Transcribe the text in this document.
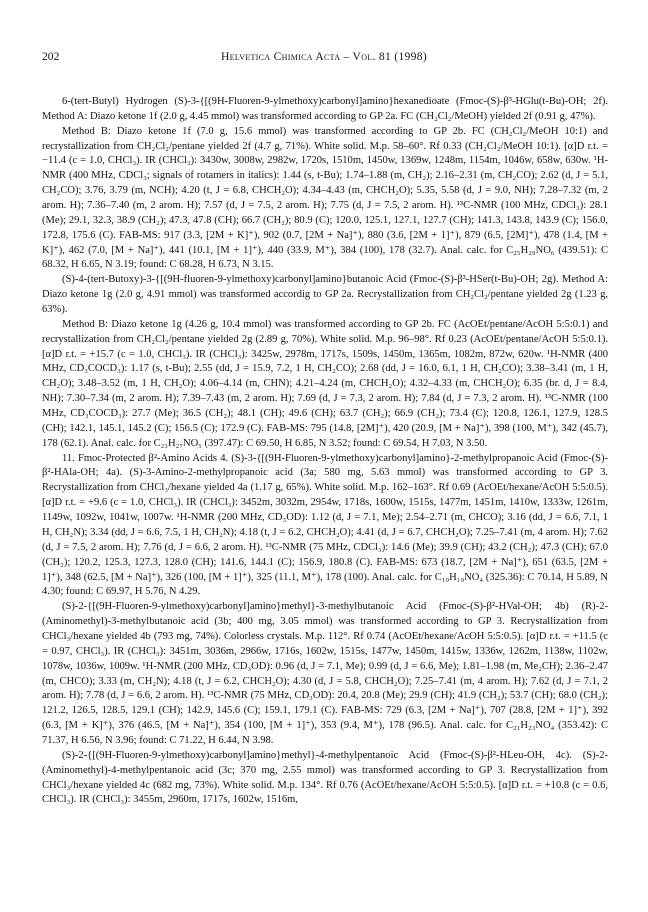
202	Helvetica Chimica Acta – Vol. 81 (1998)

6-(tert-Butyl) Hydrogen (S)-3-{[(9H-Fluoren-9-ylmethoxy)carbonyl]amino}hexanedioate (Fmoc-(S)-β³-HGlu(t-Bu)-OH; 2f). Method A: Diazo ketone 1f (2.0 g, 4.45 mmol) was transformed according to GP 2a. FC (CH₂Cl₂/MeOH) yielded 2f (0.91 g, 47%).

Method B: Diazo ketone 1f (7.0 g, 15.6 mmol) was transformed according to GP 2b. FC (CH₂Cl₂/MeOH 10:1) and recrystallization from CH₂Cl₂/pentane yielded 2f (4.7 g, 71%). White solid. M.p. 58–60°. Rf 0.33 (CH₂Cl₂/MeOH 10:1). [α]D r.t. = −11.4 (c = 1.0, CHCl₃). IR (CHCl₃): 3430w, 3008w, 2982w, 1720s, 1510m, 1450w, 1369w, 1248m, 1154m, 1046w, 658w, 630w. ¹H-NMR (400 MHz, CDCl₃; signals of rotamers in italics): 1.44 (s, t-Bu); 1.74–1.88 (m, CH₂); 2.16–2.31 (m, CH₂CO); 2.62 (d, J = 5.1, CH₂CO); 3.76, 3.79 (m, NCH); 4.20 (t, J = 6.8, CHCH₂O); 4.34–4.43 (m, CHCH₂O); 5.35, 5.58 (d, J = 9.0, NH); 7.28–7.32 (m, 2 arom. H); 7.36–7.40 (m, 2 arom. H); 7.57 (d, J = 7.5, 2 arom. H); 7.75 (d, J = 7.5, 2 arom. H). ¹³C-NMR (100 MHz, CDCl₃): 28.1 (Me); 29.1, 32.3, 38.9 (CH₂); 47.3, 47.8 (CH); 66.7 (CH₂); 80.9 (C); 120.0, 125.1, 127.1, 127.7 (CH); 141.3, 143.8, 143.9 (C); 156.0, 172.8, 175.6 (C). FAB-MS: 917 (3.3, [2M + K]⁺), 902 (0.7, [2M + Na]⁺), 880 (3.6, [2M + 1]⁺), 879 (6.5, [2M]⁺), 478 (1.4, [M + K]⁺), 462 (7.0, [M + Na]⁺), 441 (10.1, [M + 1]⁺), 440 (33.9, M⁺), 384 (100), 178 (32.7). Anal. calc. for C₂₅H₂₉NO₆ (439.51): C 68.32, H 6.65, N 3.19; found: C 68.28, H 6.73, N 3.15.

(S)-4-(tert-Butoxy)-3-{[(9H-fluoren-9-ylmethoxy)carbonyl]amino}butanoic Acid (Fmoc-(S)-β³-HSer(t-Bu)-OH; 2g). Method A: Diazo ketone 1g (2.0 g, 4.91 mmol) was transformed accordig to GP 2a. Recrystallization from CH₂Cl₂/pentane yielded 2g (1.23 g, 63%).

Method B: Diazo ketone 1g (4.26 g, 10.4 mmol) was transformed according to GP 2b. FC (AcOEt/pentane/AcOH 5:5:0.1) and recrystallization from CH₂Cl₂/pentane yielded 2g (2.89 g, 70%). White solid. M.p. 96–98°. Rf 0.23 (AcOEt/pentane/AcOH 5:5:0.1). [α]D r.t. = +15.7 (c = 1.0, CHCl₃). IR (CHCl₃): 3425w, 2978m, 1717s, 1509s, 1450m, 1365m, 1082m, 872w, 620w. ¹H-NMR (400 MHz, CD₃COCD₃): 1.17 (s, t-Bu); 2.55 (dd, J = 15.9, 7.2, 1 H, CH₂CO); 2.68 (dd, J = 16.0, 6.1, 1 H, CH₂CO); 3.38–3.41 (m, 1 H, CH₂O); 3.48–3.52 (m, 1 H, CH₂O); 4.06–4.14 (m, CHN); 4.21–4.24 (m, CHCH₂O); 4.32–4.33 (m, CHCH₂O); 6.35 (br. d, J = 8.4, NH); 7.30–7.34 (m, 2 arom. H); 7.39–7.43 (m, 2 arom. H); 7.69 (d, J = 7.3, 2 arom. H); 7.84 (d, J = 7.3, 2 arom. H). ¹³C-NMR (100 MHz, CD₃COCD₃): 27.7 (Me); 36.5 (CH₂); 48.1 (CH); 49.6 (CH); 63.7 (CH₂); 66.9 (CH₂); 73.4 (C); 120.8, 126.1, 127.9, 128.5 (CH); 142.1, 145.1, 145.2 (C); 156.5 (C); 172.9 (C). FAB-MS: 795 (14.8, [2M]⁺), 420 (20.9, [M + Na]⁺), 398 (100, M⁺), 342 (45.7), 178 (62.1). Anal. calc. for C₂₃H₂₇NO₅ (397.47): C 69.50, H 6.85, N 3.52; found: C 69.54, H 7.03, N 3.50.

11. Fmoc-Protected β²-Amino Acids 4. (S)-3-{[(9H-Fluoren-9-ylmethoxy)carbonyl]amino}-2-methylpropanoic Acid (Fmoc-(S)-β²-HAla-OH; 4a). (S)-3-Amino-2-methylpropanoic acid (3a; 580 mg, 5.63 mmol) was transformed according to GP 3. Recrystallization from CHCl₃/hexane yielded 4a (1.17 g, 65%). White solid. M.p. 162–163°. Rf 0.69 (AcOEt/hexane/AcOH 5:5:0.5). [α]D r.t. = +9.6 (c = 1.0, CHCl₃). IR (CHCl₃): 3452m, 3032m, 2954w, 1718s, 1600w, 1515s, 1477m, 1451m, 1410w, 1333w, 1261m, 1149w, 1092w, 1041w, 1007w. ¹H-NMR (200 MHz, CD₃OD): 1.12 (d, J = 7.1, Me); 2.54–2.71 (m, CHCO); 3.16 (dd, J = 6.6, 7.1, 1 H, CH₂N); 3.34 (dd, J = 6.6, 7.5, 1 H, CH₂N); 4.18 (t, J = 6.2, CHCH₂O); 4.41 (d, J = 6.7, CHCH₂O); 7.25–7.41 (m, 4 arom. H); 7.62 (d, J = 7.5, 2 arom. H); 7.76 (d, J = 6.6, 2 arom. H). ¹³C-NMR (75 MHz, CDCl₃): 14.6 (Me); 39.9 (CH); 43.2 (CH₂); 47.3 (CH); 67.0 (CH₂); 120.2, 125.3, 127.3, 128.0 (CH); 141.6, 144.1 (C); 156.9, 180.8 (C). FAB-MS: 673 (18.7, [2M + Na]⁺), 651 (63.5, [2M + 1]⁺), 348 (62.5, [M + Na]⁺), 326 (100, [M + 1]⁺), 325 (11.1, M⁺), 178 (100). Anal. calc. for C₁₉H₁₉NO₄ (325.36): C 70.14, H 5.89, N 4.30; found: C 69.97, H 5.76, N 4.29.

(S)-2-{[(9H-Fluoren-9-ylmethoxy)carbonyl]amino}methyl}-3-methylbutanoic Acid (Fmoc-(S)-β²-HVal-OH; 4b) (R)-2-(Aminomethyl)-3-methylbutanoic acid (3b; 400 mg, 3.05 mmol) was transformed according to GP 3. Recrystallization from CHCl₃/hexane yielded 4b (793 mg, 74%). Colorless crystals. M.p. 112°. Rf 0.74 (AcOEt/hexane/AcOH 5:5:0.5). [α]D r.t. = +11.5 (c = 0.97, CHCl₃). IR (CHCl₃): 3451m, 3036m, 2966w, 1716s, 1602w, 1515s, 1477w, 1450m, 1415w, 1336w, 1262m, 1138w, 1102w, 1078w, 1036w, 1009w. ¹H-NMR (200 MHz, CD₃OD): 0.96 (d, J = 7.1, Me); 0.99 (d, J = 6.6, Me); 1.81–1.98 (m, Me₂CH); 2.36–2.47 (m, CHCO); 3.33 (m, CH₂N); 4.18 (t, J = 6.2, CHCH₂O); 4.30 (d, J = 5.8, CHCH₂O); 7.25–7.41 (m, 4 arom. H); 7.62 (d, J = 7.1, 2 arom. H); 7.78 (d, J = 6.6, 2 arom. H). ¹³C-NMR (75 MHz, CD₃OD): 20.4, 20.8 (Me); 29.9 (CH); 41.9 (CH₂); 53.7 (CH); 68.0 (CH₂); 121.2, 126.5, 128.5, 129.1 (CH); 142.9, 145.6 (C); 159.1, 179.1 (C). FAB-MS: 729 (6.3, [2M + Na]⁺), 707 (28.8, [2M + 1]⁺), 392 (6.3, [M + K]⁺), 376 (46.5, [M + Na]⁺), 354 (100, [M + 1]⁺), 353 (9.4, M⁺), 178 (96.5). Anal. calc. for C₂₁H₂₃NO₄ (353.42): C 71.37, H 6.56, N 3.96; found: C 71.22, H 6.44, N 3.98.

(S)-2-{[(9H-Fluoren-9-ylmethoxy)carbonyl]amino}methyl}-4-methylpentanoic Acid (Fmoc-(S)-β²-HLeu-OH, 4c). (S)-2-(Aminomethyl)-4-methylpentanoic acid (3c; 370 mg, 2.55 mmol) was transformed according to GP 3. Recrystallization from CHCl₃/hexane yielded 4c (682 mg, 73%). White solid. M.p. 134°. Rf 0.76 (AcOEt/hexane/AcOH 5:5:0.5). [α]D r.t. = +10.8 (c = 0.6, CHCl₃). IR (CHCl₃): 3455m, 2960m, 1717s, 1602w, 1516m,
